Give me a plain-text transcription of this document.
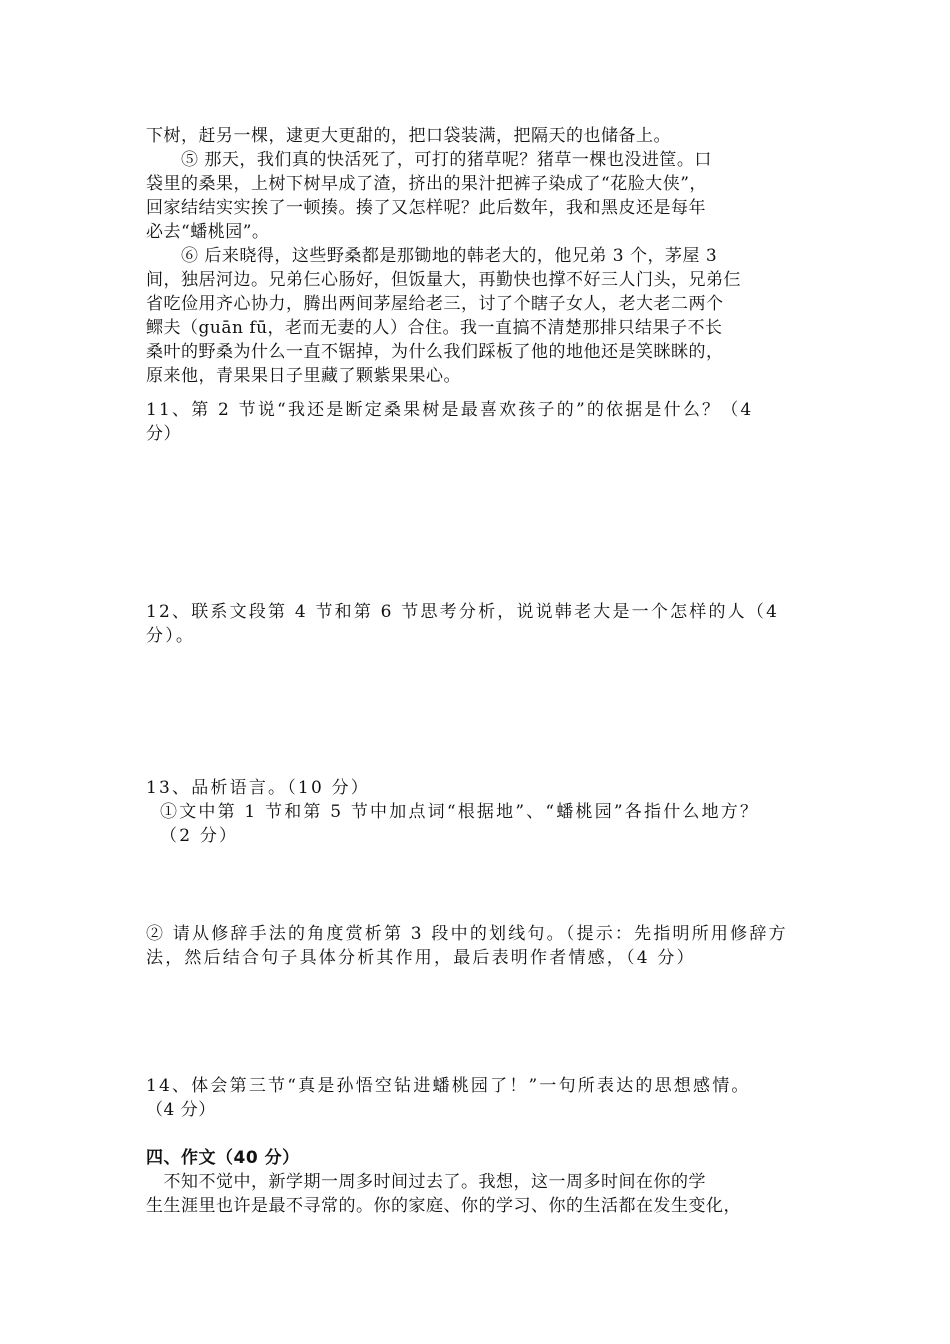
下树，赶另一棵，逮更大更甜的，把口袋装满，把隔天的也储备上。
　　⑤ 那天，我们真的快活死了，可打的猪草呢？猪草一棵也没进筐。口
袋里的桑果，上树下树早成了渣，挤出的果汁把裤子染成了“花脸大侠”，
回家结结实实挨了一顿揍。揍了又怎样呢？此后数年，我和黑皮还是每年
必去“蟠桃园”。
　　⑥ 后来晓得，这些野桑都是那锄地的韩老大的，他兄弟 3 个，茅屋 3
间，独居河边。兄弟仨心肠好，但饭量大，再勤快也撑不好三人门头，兄弟仨
省吃俭用齐心协力，腾出两间茅屋给老三，讨了个瞎子女人，老大老二两个
鳏夫（guān fū，老而无妻的人）合住。我一直搞不清楚那排只结果子不长
桑叶的野桑为什么一直不锯掉，为什么我们踩板了他的地他还是笑眯眯的，
原来他，青果果日子里藏了颗紫果果心。
11、第 2 节说“我还是断定桑果树是最喜欢孩子的”的依据是什么？（4
分）
12、联系文段第 4 节和第 6 节思考分析，说说韩老大是一个怎样的人（4
分）。
13、品析语言。（10 分）
①文中第 1 节和第 5 节中加点词“根据地”、“蟠桃园”各指什么地方？
（2 分）
② 请从修辞手法的角度赏析第 3 段中的划线句。（提示：先指明所用修辞方
法，然后结合句子具体分析其作用，最后表明作者情感，（4 分）
14、体会第三节“真是孙悟空钻进蟠桃园了！”一句所表达的思想感情。
（4 分）
四、作文（40 分）
　不知不觉中，新学期一周多时间过去了。我想，这一周多时间在你的学
生生涯里也许是最不寻常的。你的家庭、你的学习、你的生活都在发生变化，
